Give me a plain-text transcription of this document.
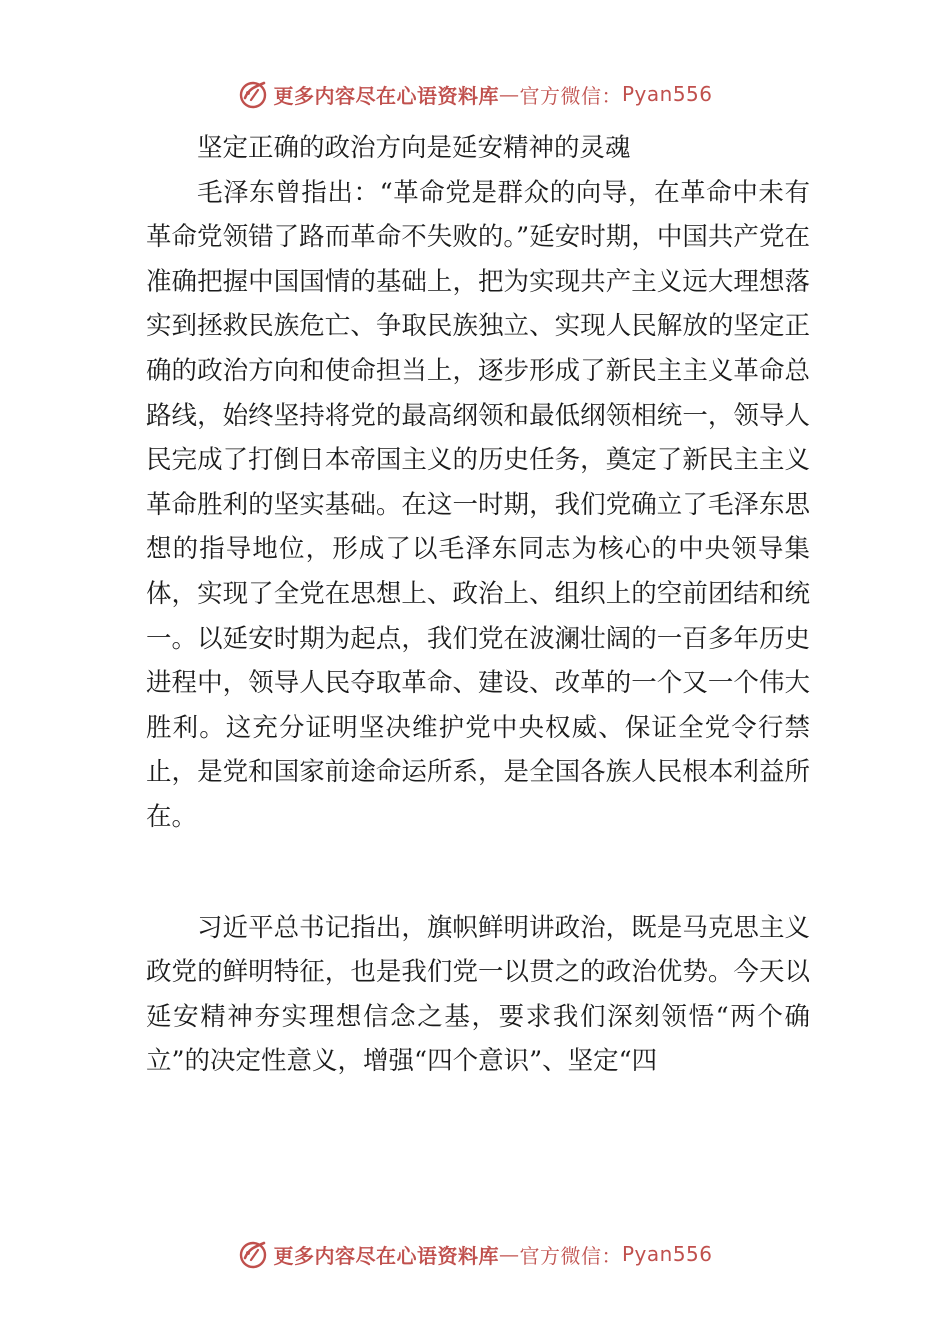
更多内容尽在心语资料库 — 官方微信： Pyan556

坚定正确的政治方向是延安精神的灵魂

毛泽东曾指出：“革命党是群众的向导，在革命中未有革命党领错了路而革命不失败的。”延安时期，中国共产党在准确把握中国国情的基础上，把为实现共产主义远大理想落实到拯救民族危亡、争取民族独立、实现人民解放的坚定正确的政治方向和使命担当上，逐步形成了新民主主义革命总路线，始终坚持将党的最高纲领和最低纲领相统一，领导人民完成了打倒日本帝国主义的历史任务，奠定了新民主主义革命胜利的坚实基础。在这一时期，我们党确立了毛泽东思想的指导地位，形成了以毛泽东同志为核心的中央领导集体，实现了全党在思想上、政治上、组织上的空前团结和统一。以延安时期为起点，我们党在波澜壮阔的一百多年历史进程中，领导人民夺取革命、建设、改革的一个又一个伟大胜利。这充分证明坚决维护党中央权威、保证全党令行禁止，是党和国家前途命运所系，是全国各族人民根本利益所在。

习近平总书记指出，旗帜鲜明讲政治，既是马克思主义政党的鲜明特征，也是我们党一以贯之的政治优势。今天以延安精神夯实理想信念之基，要求我们深刻领悟“两个确立”的决定性意义，增强“四个意识”、坚定“四

更多内容尽在心语资料库 — 官方微信： Pyan556
